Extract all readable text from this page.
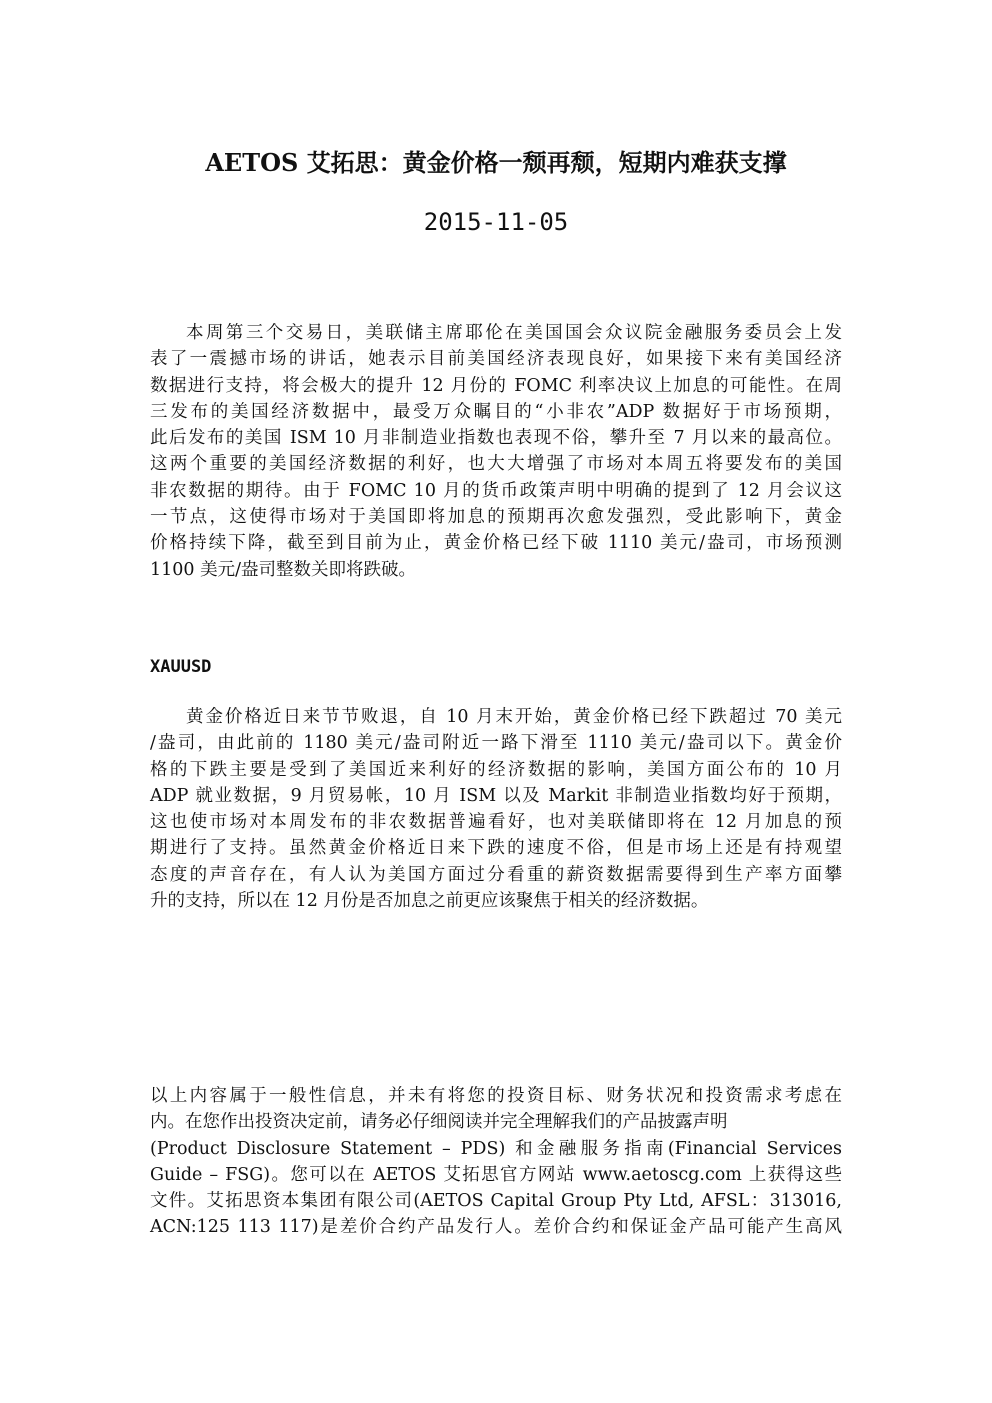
AETOS 艾拓思：黄金价格一颓再颓，短期内难获支撑
2015-11-05

本周第三个交易日，美联储主席耶伦在美国国会众议院金融服务委员会上发
表了一震撼市场的讲话，她表示目前美国经济表现良好，如果接下来有美国经济
数据进行支持，将会极大的提升 12 月份的 FOMC 利率决议上加息的可能性。在周
三发布的美国经济数据中，最受万众瞩目的“小非农”ADP 数据好于市场预期，
此后发布的美国 ISM 10 月非制造业指数也表现不俗，攀升至 7 月以来的最高位。
这两个重要的美国经济数据的利好，也大大增强了市场对本周五将要发布的美国
非农数据的期待。由于 FOMC 10 月的货币政策声明中明确的提到了 12 月会议这
一节点，这使得市场对于美国即将加息的预期再次愈发强烈，受此影响下，黄金
价格持续下降，截至到目前为止，黄金价格已经下破 1110 美元/盎司，市场预测
1100 美元/盎司整数关即将跌破。

XAUUSD

黄金价格近日来节节败退，自 10 月末开始，黄金价格已经下跌超过 70 美元
/盎司，由此前的 1180 美元/盎司附近一路下滑至 1110 美元/盎司以下。黄金价
格的下跌主要是受到了美国近来利好的经济数据的影响，美国方面公布的 10 月
ADP 就业数据，9 月贸易帐，10 月 ISM 以及 Markit 非制造业指数均好于预期，
这也使市场对本周发布的非农数据普遍看好，也对美联储即将在 12 月加息的预
期进行了支持。虽然黄金价格近日来下跌的速度不俗，但是市场上还是有持观望
态度的声音存在，有人认为美国方面过分看重的薪资数据需要得到生产率方面攀
升的支持，所以在 12 月份是否加息之前更应该聚焦于相关的经济数据。

以上内容属于一般性信息，并未有将您的投资目标、财务状况和投资需求考虑在
内。在您作出投资决定前，请务必仔细阅读并完全理解我们的产品披露声明
(Product Disclosure Statement – PDS) 和金融服务指南(Financial Services
Guide – FSG)。您可以在 AETOS 艾拓思官方网站 www.aetoscg.com 上获得这些
文件。艾拓思资本集团有限公司(AETOS Capital Group Pty Ltd, AFSL：313016,
ACN:125 113 117)是差价合约产品发行人。差价合约和保证金产品可能产生高风
